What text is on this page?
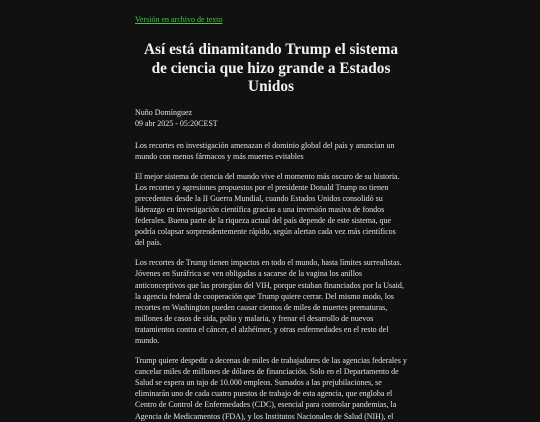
Versión en archivo de texto
Así está dinamitando Trump el sistema de ciencia que hizo grande a Estados Unidos
Nuño Domínguez
09 abr 2025 - 05:20CEST

Los recortes en investigación amenazan el dominio global del país y anuncian un mundo con menos fármacos y más muertes evitables

El mejor sistema de ciencia del mundo vive el momento más oscuro de su historia. Los recortes y agresiones propuestos por el presidente Donald Trump no tienen precedentes desde la II Guerra Mundial, cuando Estados Unidos consolidó su liderazgo en investigación científica gracias a una inversión masiva de fondos federales. Buena parte de la riqueza actual del país depende de este sistema, que podría colapsar sorprendentemente rápido, según alertan cada vez más científicos del país.

Los recortes de Trump tienen impactos en todo el mundo, hasta límites surrealistas. Jóvenes en Suráfrica se ven obligadas a sacarse de la vagina los anillos anticonceptivos que las protegían del VIH, porque estaban financiados por la Usaid, la agencia federal de cooperación que Trump quiere cerrar. Del mismo modo, los recortes en Washington pueden causar cientos de miles de muertes prematuras, millones de casos de sida, polio y malaria, y frenar el desarrollo de nuevos tratamientos contra el cáncer, el alzhéimer, y otras enfermedades en el resto del mundo.

Trump quiere despedir a decenas de miles de trabajadores de las agencias federales y cancelar miles de millones de dólares de financiación. Solo en el Departamento de Salud se espera un tajo de 10.000 empleos. Sumados a las prejubilaciones, se eliminarán uno de cada cuatro puestos de trabajo de esta agencia, que engloba el Centro de Control de Enfermedades (CDC), esencial para controlar pandemias, la Agencia de Medicamentos (FDA), y los Institutos Nacionales de Salud (NIH), el
